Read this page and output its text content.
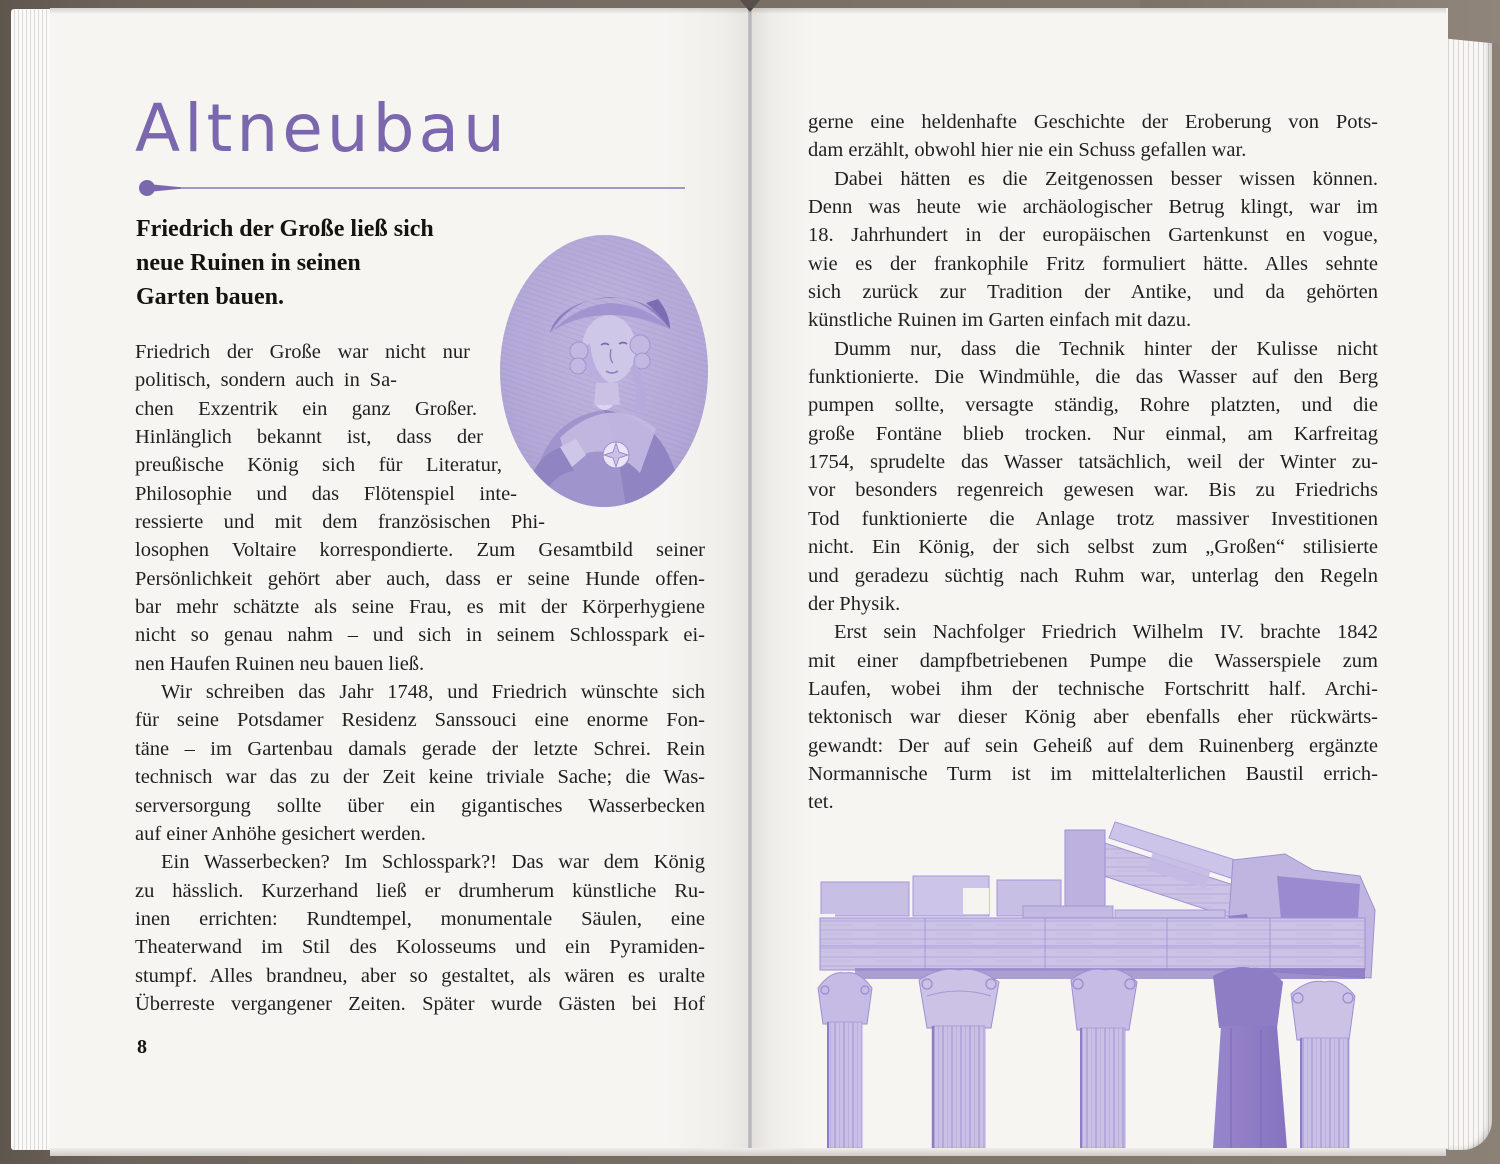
Altneubau
Friedrich der Große ließ sich
neue Ruinen in seinen
Garten bauen.
Friedrich der Große war nicht nur
politisch, sondern auch in Sa-
chen Exzentrik ein ganz Großer.
Hinlänglich bekannt ist, dass der
preußische König sich für Literatur,
Philosophie und das Flötenspiel inte-
ressierte und mit dem französischen Phi-
losophen Voltaire korrespondierte. Zum Gesamtbild seiner
Persönlichkeit gehört aber auch, dass er seine Hunde offen-
bar mehr schätzte als seine Frau, es mit der Körperhygiene
nicht so genau nahm – und sich in seinem Schlosspark ei-
nen Haufen Ruinen neu bauen ließ.
Wir schreiben das Jahr 1748, und Friedrich wünschte sich
für seine Potsdamer Residenz Sanssouci eine enorme Fon-
täne – im Gartenbau damals gerade der letzte Schrei. Rein
technisch war das zu der Zeit keine triviale Sache; die Was-
serversorgung sollte über ein gigantisches Wasserbecken
auf einer Anhöhe gesichert werden.
Ein Wasserbecken? Im Schlosspark?! Das war dem König
zu hässlich. Kurzerhand ließ er drumherum künstliche Ru-
inen errichten: Rundtempel, monumentale Säulen, eine
Theaterwand im Stil des Kolosseums und ein Pyramiden-
stumpf. Alles brandneu, aber so gestaltet, als wären es uralte
Überreste vergangener Zeiten. Später wurde Gästen bei Hof
8
gerne eine heldenhafte Geschichte der Eroberung von Pots-
dam erzählt, obwohl hier nie ein Schuss gefallen war.
Dabei hätten es die Zeitgenossen besser wissen können.
Denn was heute wie archäologischer Betrug klingt, war im
18. Jahrhundert in der europäischen Gartenkunst en vogue,
wie es der frankophile Fritz formuliert hätte. Alles sehnte
sich zurück zur Tradition der Antike, und da gehörten
künstliche Ruinen im Garten einfach mit dazu.
Dumm nur, dass die Technik hinter der Kulisse nicht
funktionierte. Die Windmühle, die das Wasser auf den Berg
pumpen sollte, versagte ständig, Rohre platzten, und die
große Fontäne blieb trocken. Nur einmal, am Karfreitag
1754, sprudelte das Wasser tatsächlich, weil der Winter zu-
vor besonders regenreich gewesen war. Bis zu Friedrichs
Tod funktionierte die Anlage trotz massiver Investitionen
nicht. Ein König, der sich selbst zum „Großen“ stilisierte
und geradezu süchtig nach Ruhm war, unterlag den Regeln
der Physik.
Erst sein Nachfolger Friedrich Wilhelm IV. brachte 1842
mit einer dampfbetriebenen Pumpe die Wasserspiele zum
Laufen, wobei ihm der technische Fortschritt half. Archi-
tektonisch war dieser König aber ebenfalls eher rückwärts-
gewandt: Der auf sein Geheiß auf dem Ruinenberg ergänzte
Normannische Turm ist im mittelalterlichen Baustil errich-
tet.
